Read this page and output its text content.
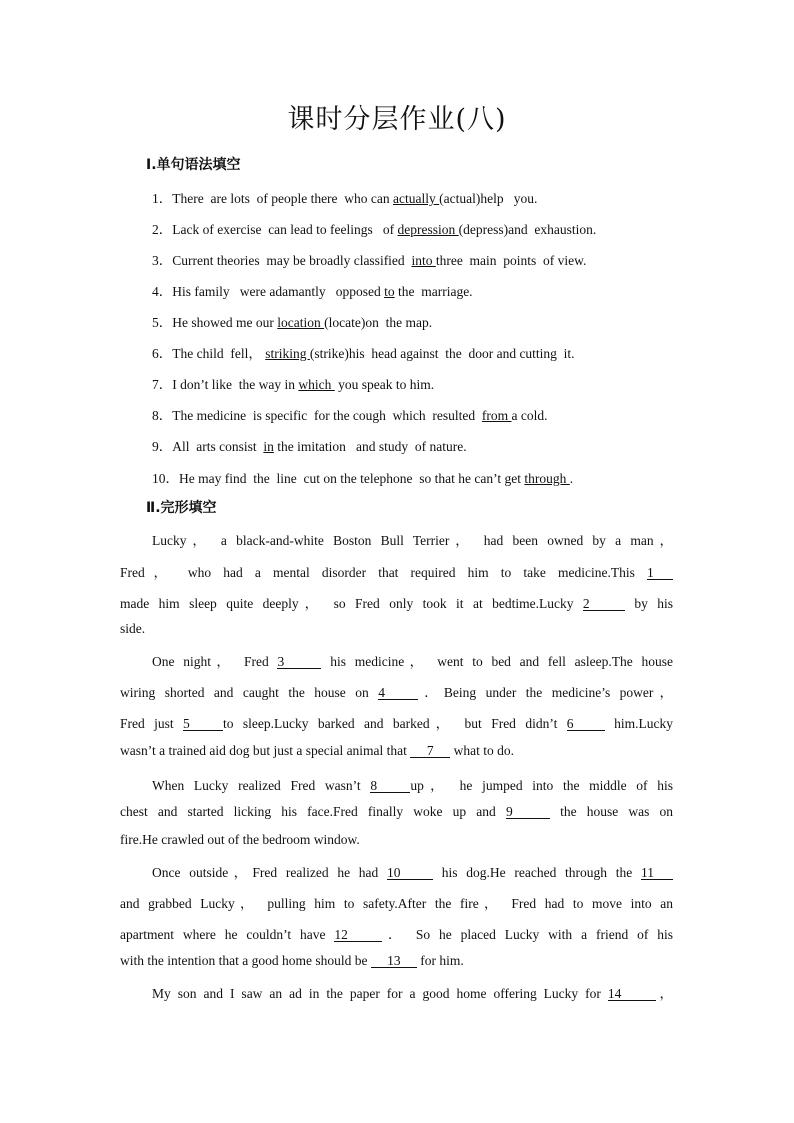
课时分层作业(八)
Ⅰ.单句语法填空
1．There  are lots  of people there  who can actually (actual)help   you.
2．Lack of exercise  can lead to feelings   of depression (depress)and  exhaustion.
3．Current theories  may be broadly classified  into three  main  points  of view.
4．His family   were adamantly   opposed to the  marriage.
5．He showed me our location (locate)on  the map.
6．The child  fell， striking (strike)his  head against  the  door and cutting  it.
7．I don’t like  the way in which  you speak to him.
8．The medicine  is specific  for the cough  which  resulted  from a cold.
9．All  arts consist  in the imitation   and study  of nature.
10．He may find  the  line  cut on the telephone  so that he can’t get through .
Ⅱ.完形填空
Lucky， a black-and-white Boston Bull Terrier， had been owned by a man，
Fred， who had a mental disorder that required him to take medicine.This 1
made him sleep quite deeply， so Fred only took it at bedtime.Lucky 2	by his
side.
One night， Fred 3	his medicine， went to bed and fell asleep.The house
wiring shorted and caught the house on 4 ．Being under the medicine’s power，
Fred just 5 to sleep.Lucky barked and barked， but Fred didn’t 6 him.Lucky
wasn’t a trained aid dog but just a special animal that 7 what to do.
When Lucky realized Fred wasn’t 8 up， he jumped into the middle of his
chest and started licking his face.Fred finally woke up and 9	the house was on
fire.He crawled out of the bedroom window.
Once outside，Fred realized he had 10 his dog.He reached through the 11
and grabbed Lucky， pulling him to safety.After the fire， Fred had to move into an
apartment where he couldn’t have 12	． So he placed Lucky with a friend of his
with the intention that a good home should be 13 for him.
My son and I saw an ad in the paper for a good home offering Lucky for 14	，
